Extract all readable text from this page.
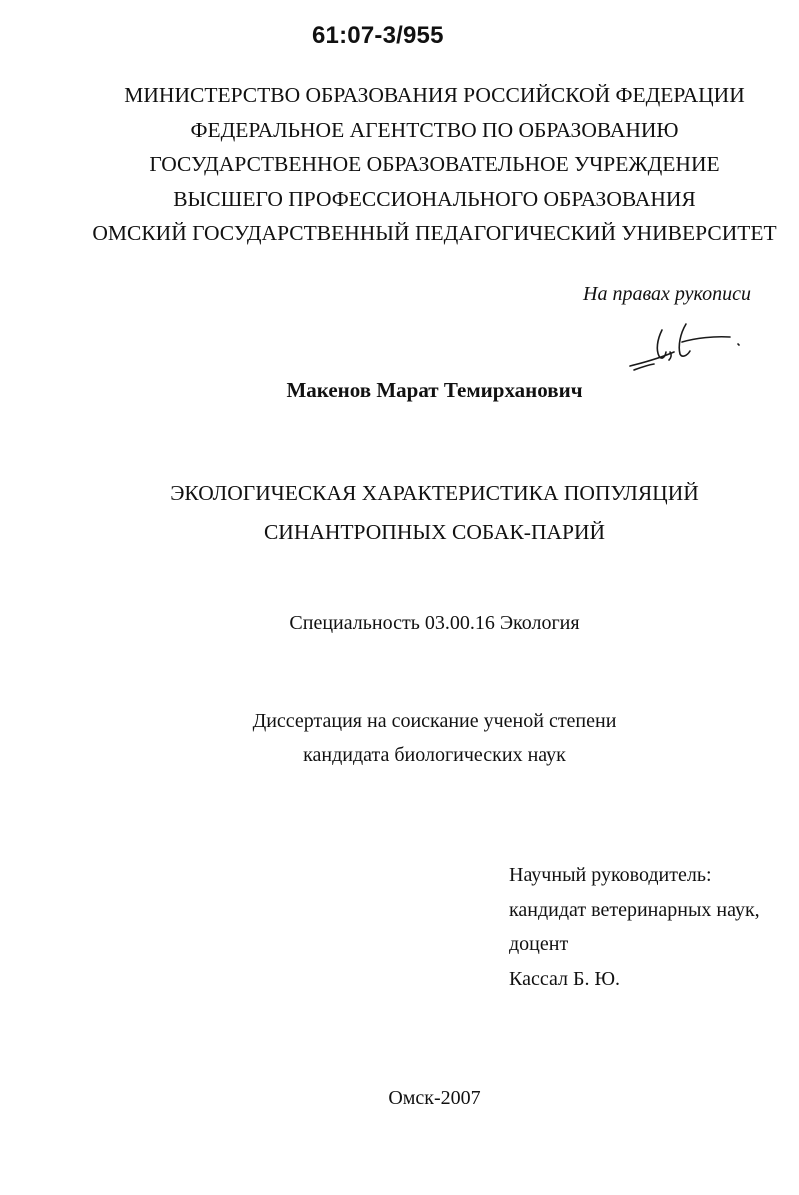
61:07-3/955
МИНИСТЕРСТВО ОБРАЗОВАНИЯ РОССИЙСКОЙ ФЕДЕРАЦИИ
ФЕДЕРАЛЬНОЕ АГЕНТСТВО ПО ОБРАЗОВАНИЮ
ГОСУДАРСТВЕННОЕ ОБРАЗОВАТЕЛЬНОЕ УЧРЕЖДЕНИЕ
ВЫСШЕГО ПРОФЕССИОНАЛЬНОГО ОБРАЗОВАНИЯ
ОМСКИЙ ГОСУДАРСТВЕННЫЙ ПЕДАГОГИЧЕСКИЙ УНИВЕРСИТЕТ
На правах рукописи
Макенов Марат Темирханович
ЭКОЛОГИЧЕСКАЯ ХАРАКТЕРИСТИКА ПОПУЛЯЦИЙ
СИНАНТРОПНЫХ СОБАК-ПАРИЙ
Специальность 03.00.16 Экология
Диссертация на соискание ученой степени
кандидата биологических наук
Научный руководитель:
кандидат ветеринарных наук,
доцент
Кассал Б. Ю.
Омск-2007
